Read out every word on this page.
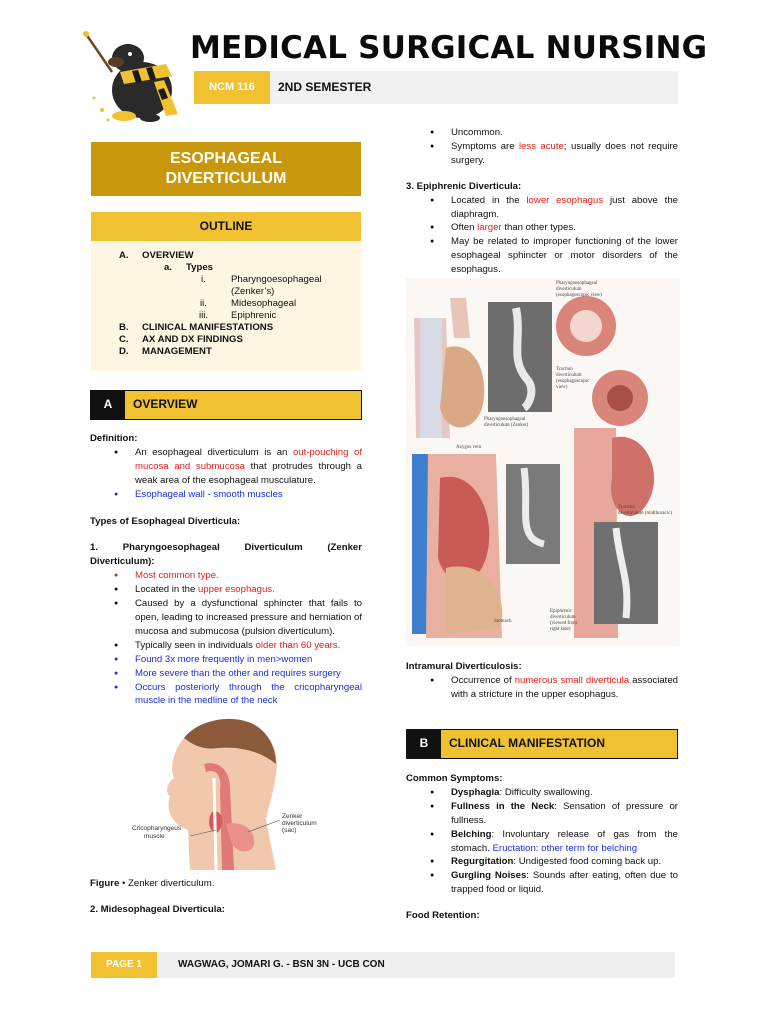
MEDICAL SURGICAL NURSING
NCM 116	2ND SEMESTER
ESOPHAGEAL
DIVERTICULUM
OUTLINE
A. OVERVIEW
a. Types
i.	Pharyngoesophageal
(Zenker’s)
ii.	Midesophageal
iii. Epiphrenic
B. CLINICAL MANIFESTATIONS
C. AX AND DX FINDINGS
D. MANAGEMENT
A	OVERVIEW
Definition:
● An esophageal diverticulum is an out-pouching of mucosa and submucosa that protrudes through a weak area of the esophageal musculature.
● Esophageal wall - smooth muscles
Types of Esophageal Diverticula:
1. Pharyngoesophageal Diverticulum (Zenker Diverticulum):
● Most common type.
● Located in the upper esophagus.
● Caused by a dysfunctional sphincter that fails to open, leading to increased pressure and herniation of mucosa and submucosa (pulsion diverticulum).
● Typically seen in individuals older than 60 years.
● Found 3x more frequently in men>women
● More severe than the other and requires surgery
● Occurs posteriorly through the cricopharyngeal muscle in the medline of the neck
Zenker diverticulum (sac)
Cricopharyngeus muscle
Figure • Zenker diverticulum.
2. Midesophageal Diverticula:
● Uncommon.
● Symptoms are less acute; usually does not require surgery.
3. Epiphrenic Diverticula:
● Located in the lower esophagus just above the diaphragm.
● Often larger than other types.
● May be related to improper functioning of the lower esophageal sphincter or motor disorders of the esophagus.
Pharyngoesophageal diverticulum (esophagoscopic view)
Traction diverticulum (esophagoscopic view)
Pharyngoesophageal diverticulum (Zenker)
Azygos vein
Traction diverticulum (midthoracic)
Stomach
Epiphrenic diverticulum (viewed from right side)
Intramural Diverticulosis:
● Occurrence of numerous small diverticula associated with a stricture in the upper esophagus.
B	CLINICAL MANIFESTATION
Common Symptoms:
● Dysphagia: Difficulty swallowing.
● Fullness in the Neck: Sensation of pressure or fullness.
● Belching: Involuntary release of gas from the stomach. Eructation: other term for belching
● Regurgitation: Undigested food coming back up.
● Gurgling Noises: Sounds after eating, often due to trapped food or liquid.
Food Retention:
PAGE 1	WAGWAG, JOMARI G. - BSN 3N - UCB CON
